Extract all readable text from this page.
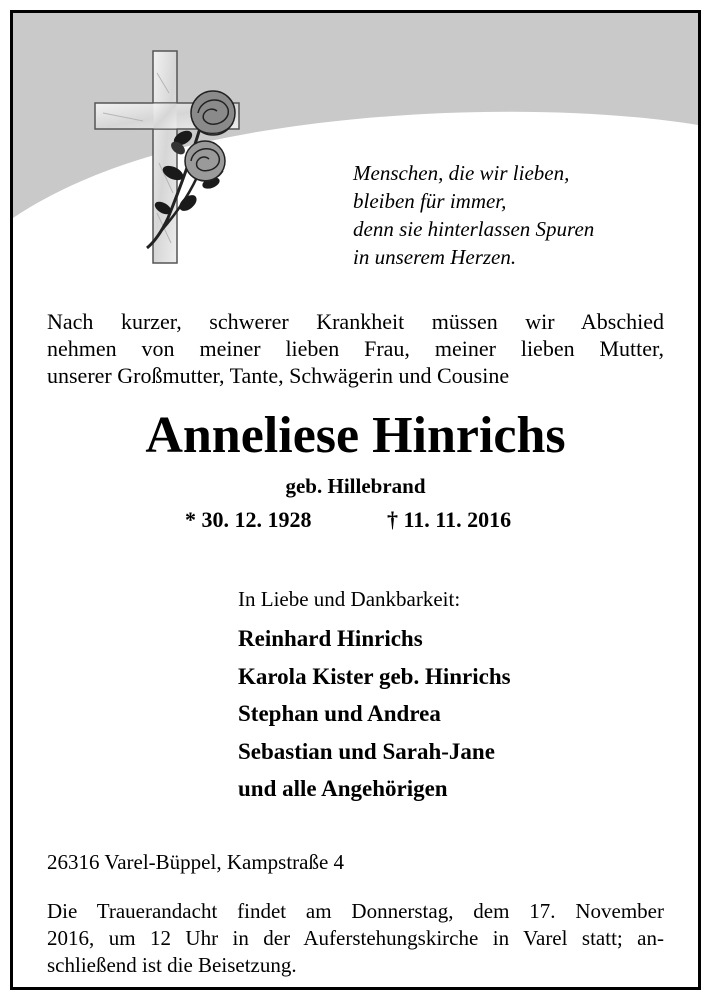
Menschen, die wir lieben,
bleiben für immer,
denn sie hinterlassen Spuren
in unserem Herzen.
Nach kurzer, schwerer Krankheit müssen wir Abschied
nehmen von meiner lieben Frau, meiner lieben Mutter,
unserer Großmutter, Tante, Schwägerin und Cousine
Anneliese Hinrichs
geb. Hillebrand
* 30. 12. 1928	† 11. 11. 2016
In Liebe und Dankbarkeit:
Reinhard Hinrichs
Karola Kister geb. Hinrichs
Stephan und Andrea
Sebastian und Sarah-Jane
und alle Angehörigen
26316 Varel-Büppel, Kampstraße 4
Die Trauerandacht findet am Donnerstag, dem 17. November
2016, um 12 Uhr in der Auferstehungskirche in Varel statt; an-
schließend ist die Beisetzung.
